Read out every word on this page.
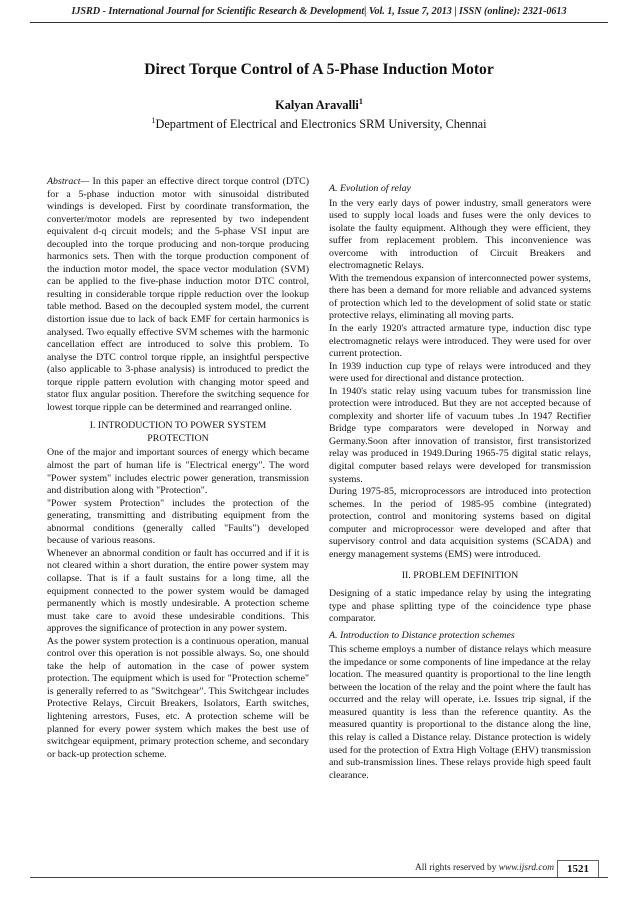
IJSRD - International Journal for Scientific Research & Development| Vol. 1, Issue 7, 2013 | ISSN (online): 2321-0613
Direct Torque Control of A 5-Phase Induction Motor
Kalyan Aravalli$^1$
$^1$Department of Electrical and Electronics SRM University, Chennai

Abstract— In this paper an effective direct torque control (DTC) for a 5-phase induction motor with sinusoidal distributed windings is developed. First by coordinate transformation, the converter/motor models are represented by two independent equivalent d-q circuit models; and the 5-phase VSI input are decoupled into the torque producing and non-torque producing harmonics sets. Then with the torque production component of the induction motor model, the space vector modulation (SVM) can be applied to the five-phase induction motor DTC control, resulting in considerable torque ripple reduction over the lookup table method. Based on the decoupled system model, the current distortion issue due to lack of back EMF for certain harmonics is analysed. Two equally effective SVM schemes with the harmonic cancellation effect are introduced to solve this problem. To analyse the DTC control torque ripple, an insightful perspective (also applicable to 3-phase analysis) is introduced to predict the torque ripple pattern evolution with changing motor speed and stator flux angular position. Therefore the switching sequence for lowest torque ripple can be determined and rearranged online.

I. INTRODUCTION TO POWER SYSTEM PROTECTION

One of the major and important sources of energy which became almost the part of human life is "Electrical energy". The word "Power system" includes electric power generation, transmission and distribution along with "Protection".

"Power system Protection" includes the protection of the generating, transmitting and distributing equipment from the abnormal conditions (generally called "Faults") developed because of various reasons.

Whenever an abnormal condition or fault has occurred and if it is not cleared within a short duration, the entire power system may collapse. That is if a fault sustains for a long time, all the equipment connected to the power system would be damaged permanently which is mostly undesirable. A protection scheme must take care to avoid these undesirable conditions. This approves the significance of protection in any power system.

As the power system protection is a continuous operation, manual control over this operation is not possible always. So, one should take the help of automation in the case of power system protection. The equipment which is used for "Protection scheme" is generally referred to as "Switchgear". This Switchgear includes Protective Relays, Circuit Breakers, Isolators, Earth switches, lightening arrestors, Fuses, etc. A protection scheme will be planned for every power system which makes the best use of switchgear equipment, primary protection scheme, and secondary or back-up protection scheme.

A. Evolution of relay

In the very early days of power industry, small generators were used to supply local loads and fuses were the only devices to isolate the faulty equipment. Although they were efficient, they suffer from replacement problem. This inconvenience was overcome with introduction of Circuit Breakers and electromagnetic Relays.

With the tremendous expansion of interconnected power systems, there has been a demand for more reliable and advanced systems of protection which led to the development of solid state or static protective relays, eliminating all moving parts.

In the early 1920's attracted armature type, induction disc type electromagnetic relays were introduced. They were used for over current protection.

In 1939 induction cup type of relays were introduced and they were used for directional and distance protection.

In 1940's static relay using vacuum tubes for transmission line protection were introduced. But they are not accepted because of complexity and shorter life of vacuum tubes .In 1947 Rectifier Bridge type comparators were developed in Norway and Germany.Soon after innovation of transistor, first transistorized relay was produced in 1949.During 1965-75 digital static relays, digital computer based relays were developed for transmission systems.

During 1975-85, microprocessors are introduced into protection schemes. In the period of 1985-95 combine (integrated) protection, control and monitoring systems based on digital computer and microprocessor were developed and after that supervisory control and data acquisition systems (SCADA) and energy management systems (EMS) were introduced.

II. PROBLEM DEFINITION

Designing of a static impedance relay by using the integrating type and phase splitting type of the coincidence type phase comparator.

A. Introduction to Distance protection schemes

This scheme employs a number of distance relays which measure the impedance or some components of line impedance at the relay location. The measured quantity is proportional to the line length between the location of the relay and the point where the fault has occurred and the relay will operate, i.e. Issues trip signal, if the measured quantity is less than the reference quantity. As the measured quantity is proportional to the distance along the line, this relay is called a Distance relay. Distance protection is widely used for the protection of Extra High Voltage (EHV) transmission and sub-transmission lines. These relays provide high speed fault clearance.

All rights reserved by www.ijsrd.com	1521
